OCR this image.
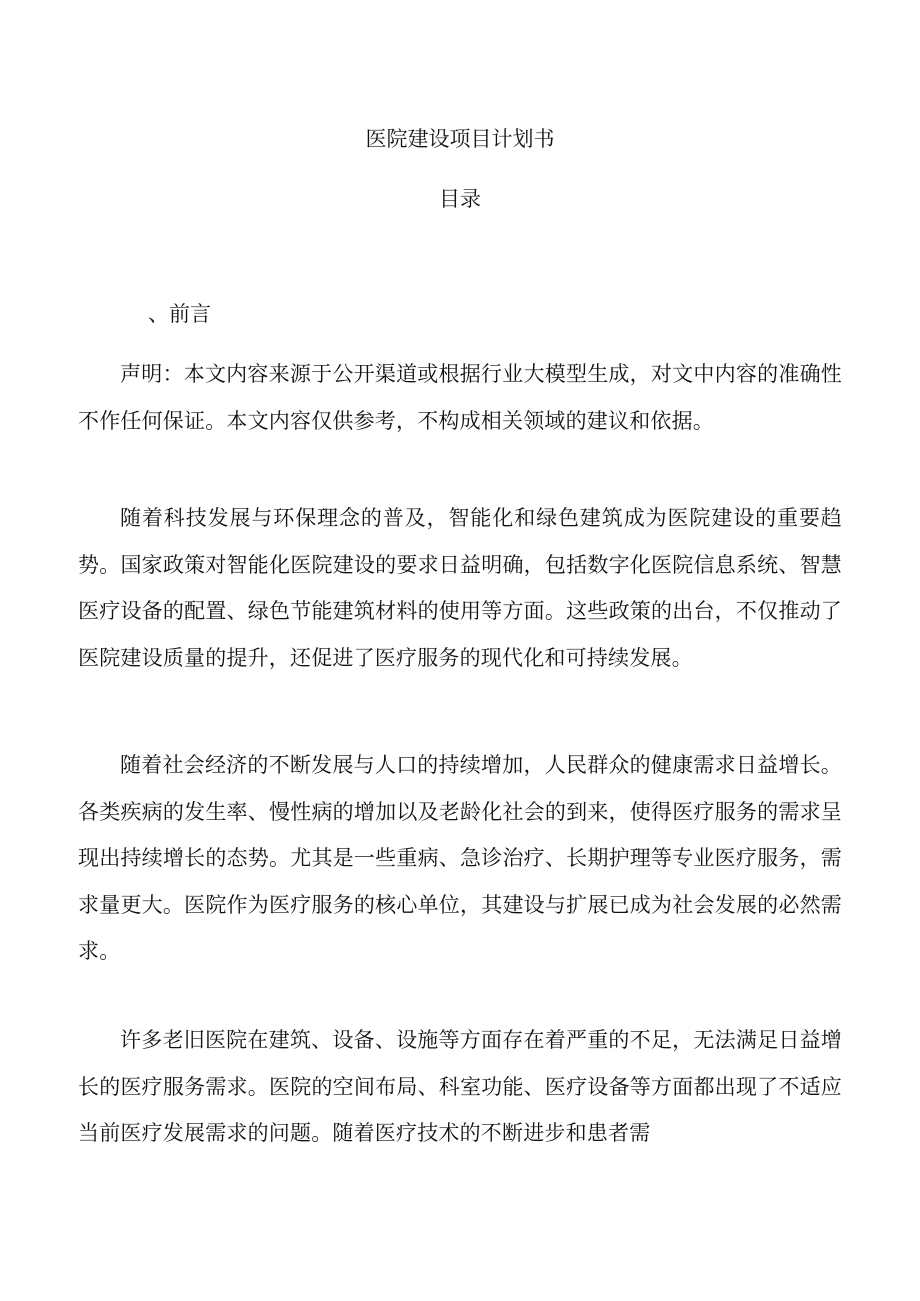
医院建设项目计划书
目录
、前言

声明：本文内容来源于公开渠道或根据行业大模型生成，对文中内容的准确性不作任何保证。本文内容仅供参考，不构成相关领域的建议和依据。

随着科技发展与环保理念的普及，智能化和绿色建筑成为医院建设的重要趋势。国家政策对智能化医院建设的要求日益明确，包括数字化医院信息系统、智慧医疗设备的配置、绿色节能建筑材料的使用等方面。这些政策的出台，不仅推动了医院建设质量的提升，还促进了医疗服务的现代化和可持续发展。

随着社会经济的不断发展与人口的持续增加，人民群众的健康需求日益增长。各类疾病的发生率、慢性病的增加以及老龄化社会的到来，使得医疗服务的需求呈现出持续增长的态势。尤其是一些重病、急诊治疗、长期护理等专业医疗服务，需求量更大。医院作为医疗服务的核心单位，其建设与扩展已成为社会发展的必然需求。

许多老旧医院在建筑、设备、设施等方面存在着严重的不足，无法满足日益增长的医疗服务需求。医院的空间布局、科室功能、医疗设备等方面都出现了不适应当前医疗发展需求的问题。随着医疗技术的不断进步和患者需
